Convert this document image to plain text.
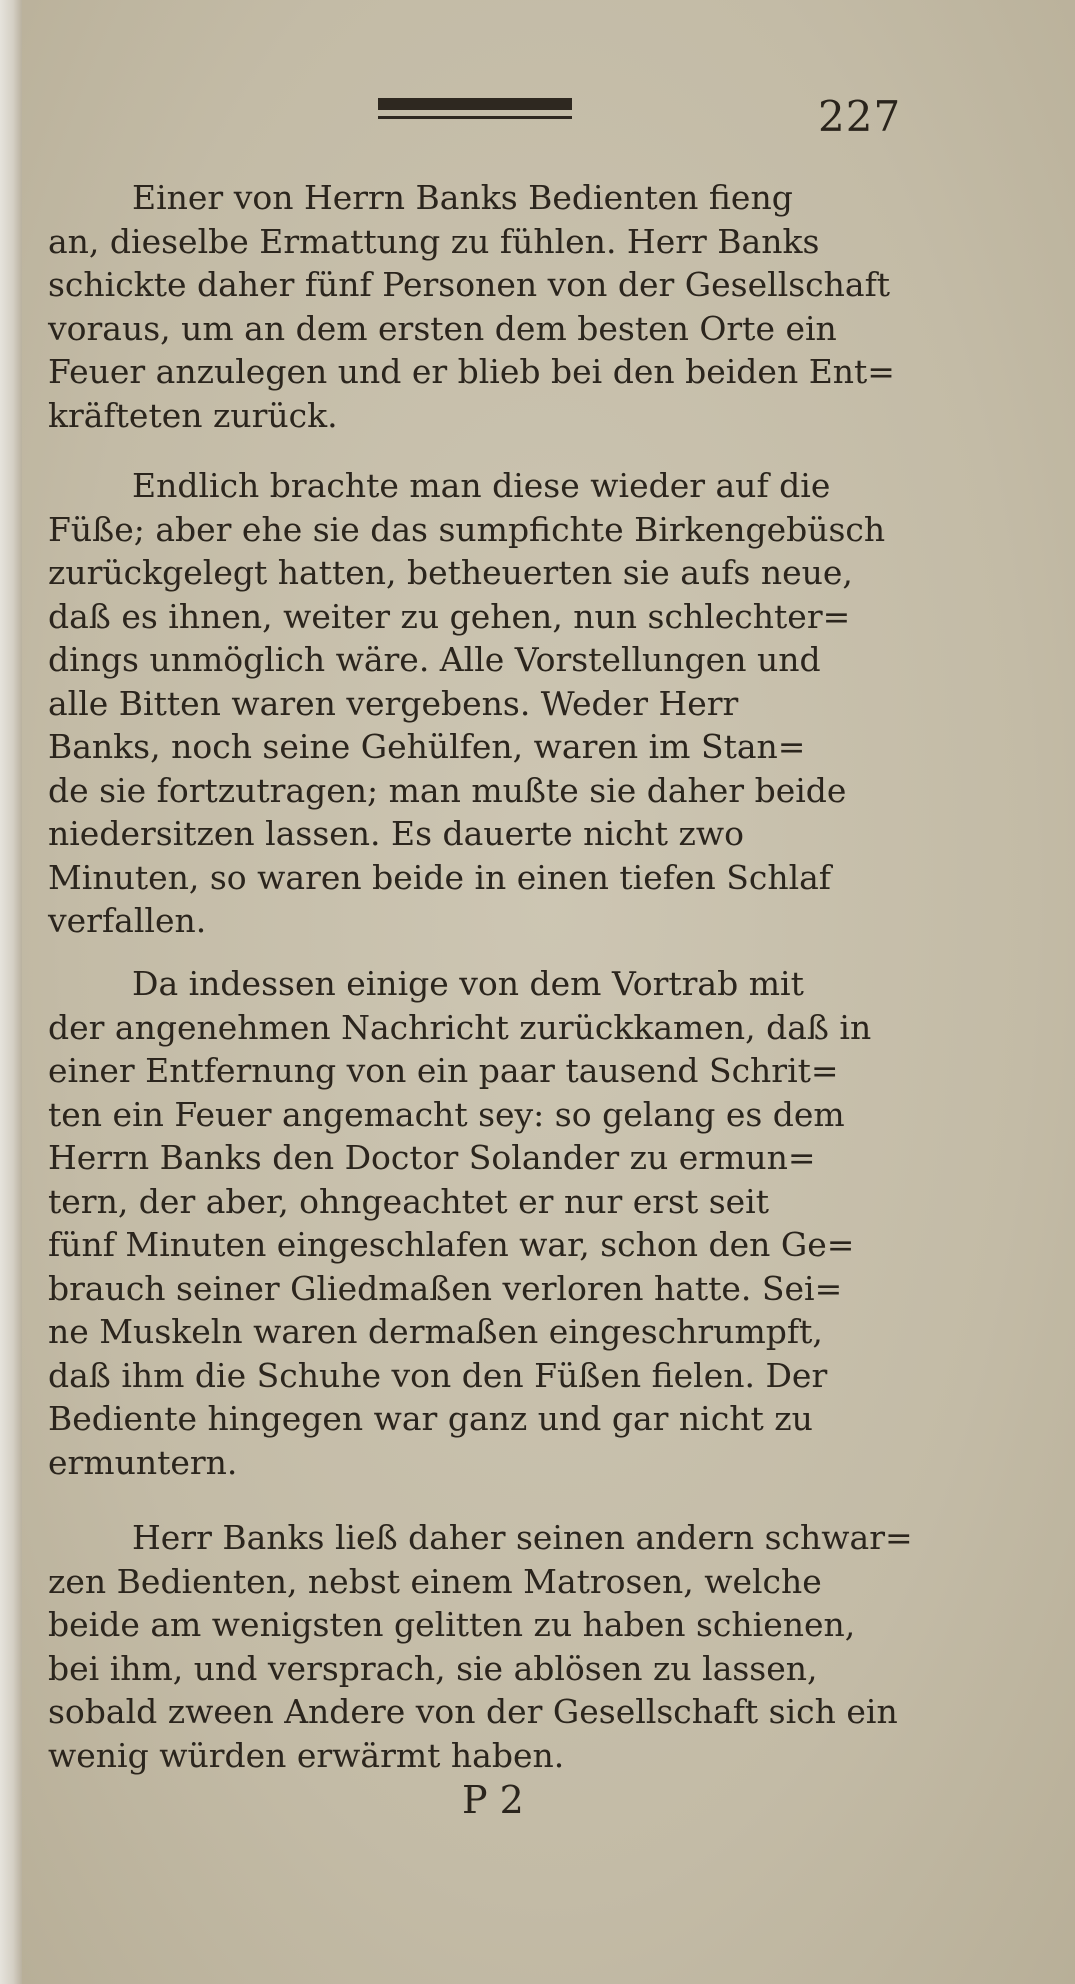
227
Einer von Herrn Banks Bedienten fieng
an, dieselbe Ermattung zu fühlen. Herr Banks
schickte daher fünf Personen von der Gesellschaft
voraus, um an dem ersten dem besten Orte ein
Feuer anzulegen und er blieb bei den beiden Ent=
kräfteten zurück.
Endlich brachte man diese wieder auf die
Füße; aber ehe sie das sumpfichte Birkengebüsch
zurückgelegt hatten, betheuerten sie aufs neue,
daß es ihnen, weiter zu gehen, nun schlechter=
dings unmöglich wäre. Alle Vorstellungen und
alle Bitten waren vergebens. Weder Herr
Banks, noch seine Gehülfen, waren im Stan=
de sie fortzutragen; man mußte sie daher beide
niedersitzen lassen. Es dauerte nicht zwo
Minuten, so waren beide in einen tiefen Schlaf
verfallen.
Da indessen einige von dem Vortrab mit
der angenehmen Nachricht zurückkamen, daß in
einer Entfernung von ein paar tausend Schrit=
ten ein Feuer angemacht sey: so gelang es dem
Herrn Banks den Doctor Solander zu ermun=
tern, der aber, ohngeachtet er nur erst seit
fünf Minuten eingeschlafen war, schon den Ge=
brauch seiner Gliedmaßen verloren hatte. Sei=
ne Muskeln waren dermaßen eingeschrumpft,
daß ihm die Schuhe von den Füßen fielen. Der
Bediente hingegen war ganz und gar nicht zu
ermuntern.
Herr Banks ließ daher seinen andern schwar=
zen Bedienten, nebst einem Matrosen, welche
beide am wenigsten gelitten zu haben schienen,
bei ihm, und versprach, sie ablösen zu lassen,
sobald zween Andere von der Gesellschaft sich ein
wenig würden erwärmt haben.
P 2
